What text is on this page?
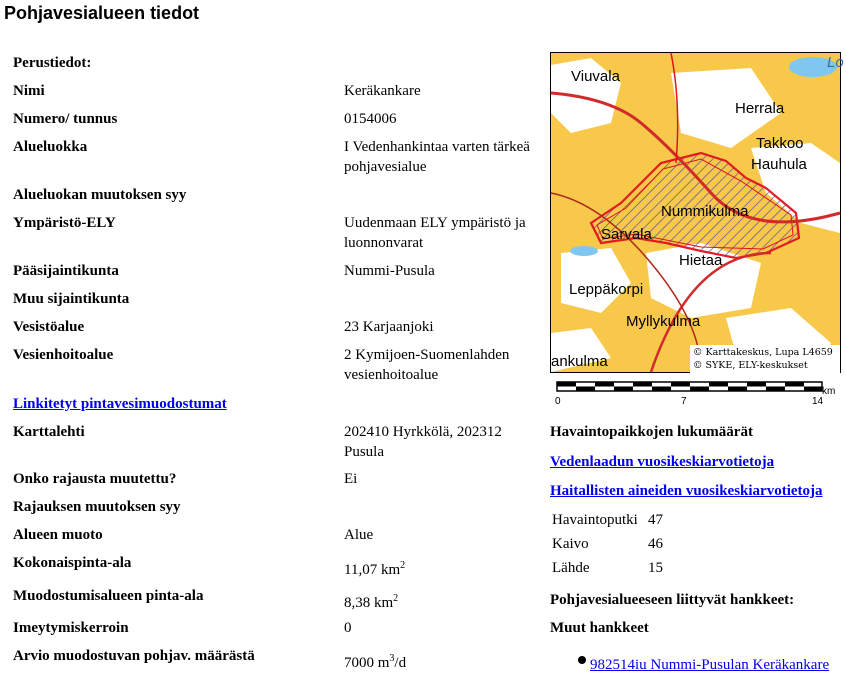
Pohjavesialueen tiedot
Perustiedot:
Nimi	Keräkankare
Numero/ tunnus	0154006
Alueluokka	I Vedenhankintaa varten tärkeä pohjavesialue
Alueluokan muutoksen syy
Ympäristö-ELY	Uudenmaan ELY ympäristö ja luonnonvarat
Pääsijaintikunta	Nummi-Pusula
Muu sijaintikunta
Vesistöalue	23 Karjaanjoki
Vesienhoitoalue	2 Kymijoen-Suomenlahden vesienhoitoalue
Linkitetyt pintavesimuodostumat
Karttalehti	202410 Hyrkkölä, 202312 Pusula
Onko rajausta muutettu?	Ei
Rajauksen muutoksen syy
Alueen muoto	Alue
Kokonaispinta-ala	11,07 $km^2$
Muodostumisalueen pinta-ala	8,38 $km^2$
Imeytymiskerroin	0
Arvio muodostuvan pohjav. määrästä	7000 $m^3/d$
Viuvala
Herrala
Takkoo
Hauhula
Nummikulma
Sarvala
Hietaa
Leppäkorpi
Myllykulma
ankulma
Lo
© Karttakeskus, Lupa L4659
© SYKE, ELY-keskukset
km
0	7	14
Havaintopaikkojen lukumäärät
Vedenlaadun vuosikeskiarvotietoja
Haitallisten aineiden vuosikeskiarvotietoja
Havaintoputki 47
Kaivo	46
Lähde	15
Pohjavesialueeseen liittyvät hankkeet:
Muut hankkeet
982514iu Nummi-Pusulan Keräkankare
